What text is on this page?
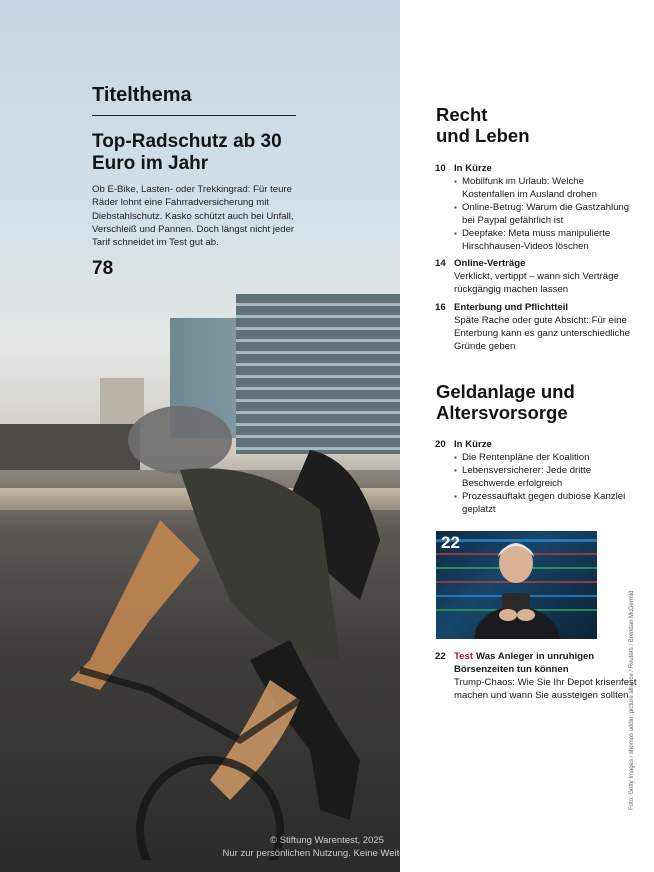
Titelthema
Top-Radschutz ab 30 Euro im Jahr
Ob E-Bike, Lasten- oder Trekkingrad: Für teure Räder lohnt eine Fahrradversicherung mit Diebstahlschutz. Kasko schützt auch bei Unfall, Verschleiß und Pannen. Doch längst nicht jeder Tarif schneidet im Test gut ab.
78
Recht
und Leben
10 In Kürze
▪ Mobilfunk im Urlaub: Welche Kostenfallen im Ausland drohen
▪ Online-Betrug: Warum die Gastzahlung bei Paypal gefährlich ist
▪ Deepfake: Meta muss manipulierte Hirschhausen-Videos löschen
14 Online-Verträge
Verklickt, vertippt – wann sich Verträge rückgängig machen lassen
16 Enterbung und Pflichtteil
Späte Rache oder gute Absicht: Für eine Enterbung kann es ganz unterschiedliche Gründe geben
Geldanlage und
Altersvorsorge
20 In Kürze
▪ Die Rentenpläne der Koalition
▪ Lebensversicherer: Jede dritte Beschwerde erfolgreich
▪ Prozessauftakt gegen dubiose Kanzlei geplatzt
22
22 Test Was Anleger in unruhigen Börsenzeiten tun können
Trump-Chaos: Wie Sie Ihr Depot krisenfest machen und wann Sie aussteigen sollten Foto: Getty Images / shomos uddin; picture alliance / Reuters / Brendan McDermid
© Stiftung Warentest, 2025
Nur zur persönlichen Nutzung. Keine Weitergabe.
